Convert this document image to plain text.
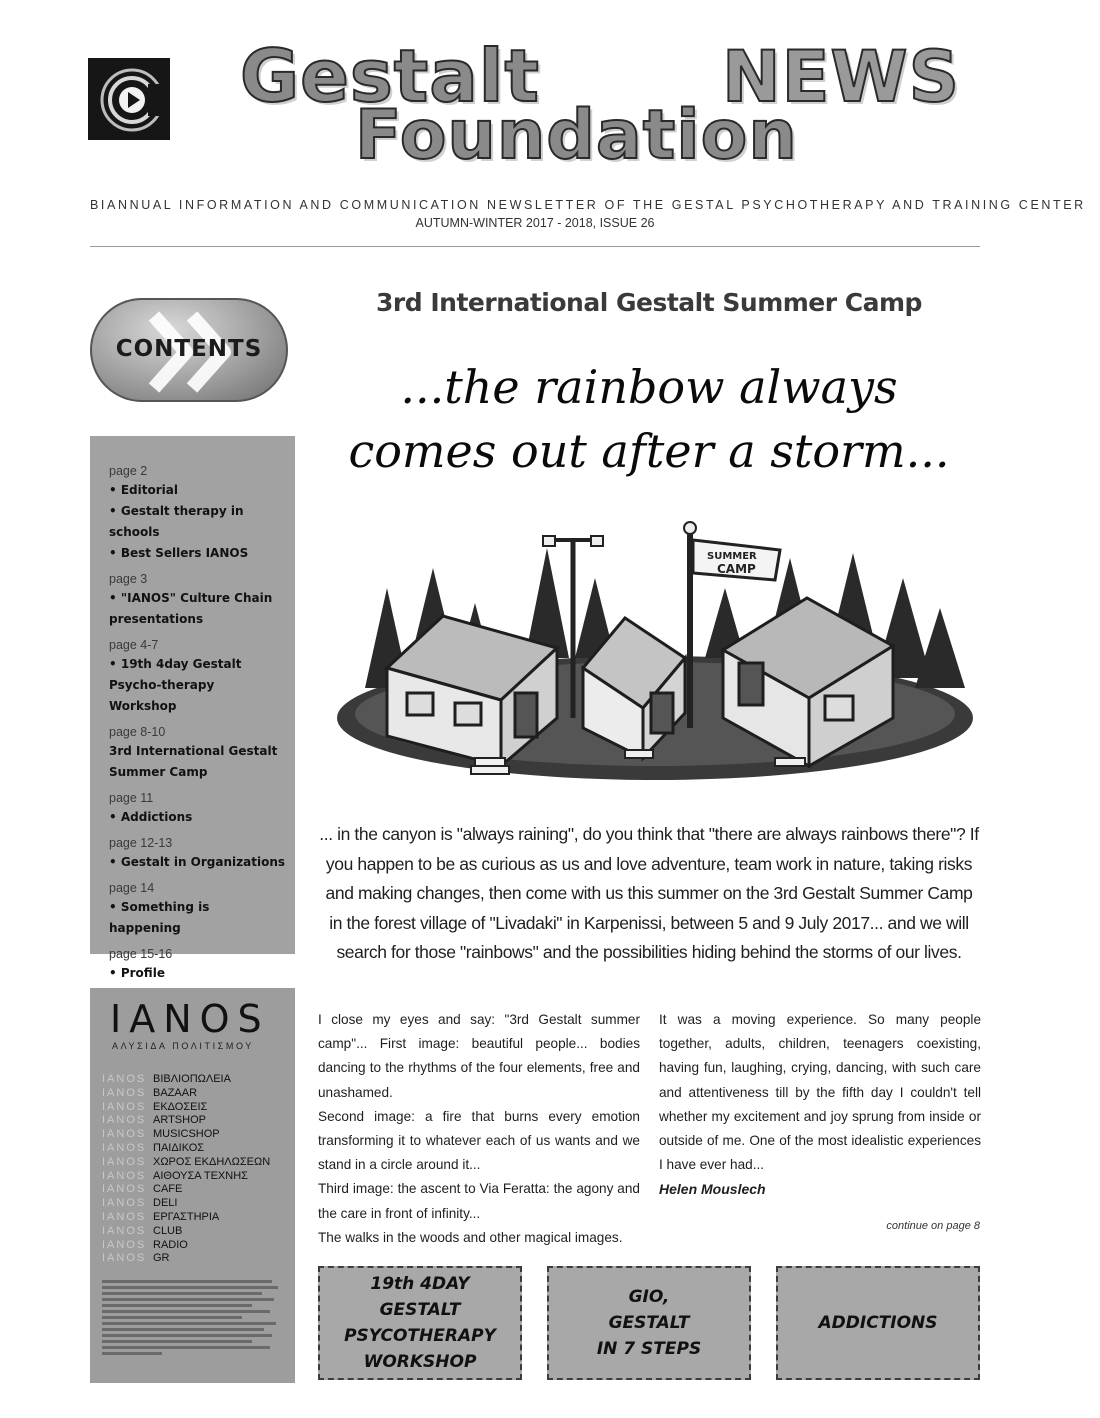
Gestalt
Foundation
NEWS
BIANNUAL INFORMATION AND COMMUNICATION NEWSLETTER OF THE GESTAL PSYCHOTHERAPY AND TRAINING CENTER
AUTUMN-WINTER 2017 - 2018, ISSUE 26
CONTENTS
page 2
• Editorial
• Gestalt therapy in schools
• Best Sellers IANOS
page 3
• "IANOS" Culture Chain presentations
page 4-7
• 19th 4day Gestalt Psycho-therapy Workshop
page 8-10
3rd International Gestalt Summer Camp
page 11
• Addictions
page 12-13
• Gestalt in Organizations
page 14
• Something is happening
page 15-16
• Profile
IANOS
ΑΛΥΣΙΔΑ ΠΟΛΙΤΙΣΜΟΥ
IANOS ΒΙΒΛΙΟΠΩΛΕΙΑ
IANOS BAZAAR
IANOS ΕΚΔΟΣΕΙΣ
IANOS ARTSHOP
IANOS MUSICSHOP
IANOS ΠΑΙΔΙΚΟΣ
IANOS ΧΩΡΟΣ ΕΚΔΗΛΩΣΕΩΝ
IANOS ΑΙΘΟΥΣΑ ΤΕΧΝΗΣ
IANOS CAFE
IANOS DELI
IANOS ΕΡΓΑΣΤΗΡΙΑ
IANOS CLUB
IANOS RADIO
IANOS GR
3rd International Gestalt Summer Camp
...the rainbow always
comes out after a storm...
SUMMER
CAMP
... in the canyon is "always raining", do you think that "there are always rainbows there"? If you happen to be as curious as us and love adventure, team work in nature, taking risks and making changes, then come with us this summer on the 3rd Gestalt Summer Camp in the forest village of "Livadaki" in Karpenissi, between 5 and 9 July 2017... and we will search for those "rainbows" and the possibilities hiding behind the storms of our lives.

I close my eyes and say: "3rd Gestalt summer camp"... First image: beautiful people... bodies dancing to the rhythms of the four elements, free and unashamed.

Second image: a fire that burns every emotion transforming it to whatever each of us wants and we stand in a circle around it...

Third image: the ascent to Via Feratta: the agony and the care in front of infinity...

The walks in the woods and other magical images.

It was a moving experience. So many people together, adults, children, teenagers coexisting, having fun, laughing, crying, dancing, with such care and attentiveness till by the fifth day I couldn't tell whether my excitement and joy sprung from inside or outside of me. One of the most idealistic experiences I have ever had...

Helen Mouslech

continue on page 8
19th 4DAY
GESTALT
PSYCOTHERAPY
WORKSHOP
GIO,
GESTALT
IN 7 STEPS
ADDICTIONS
